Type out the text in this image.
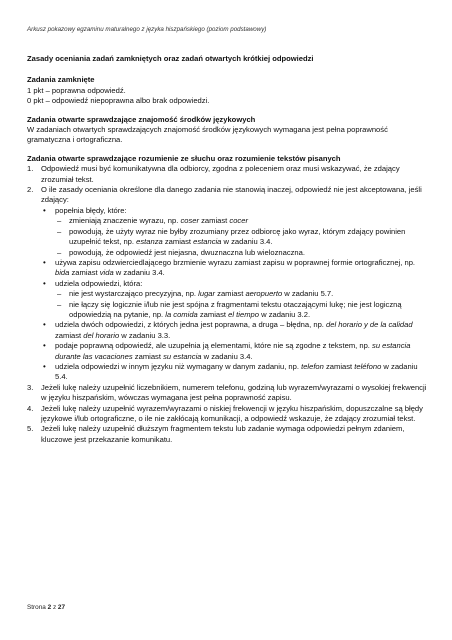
Arkusz pokazowy egzaminu maturalnego z języka hiszpańskiego (poziom podstawowy)
Zasady oceniania zadań zamkniętych oraz zadań otwartych krótkiej odpowiedzi
Zadania zamknięte
1 pkt – poprawna odpowiedź.
0 pkt – odpowiedź niepoprawna albo brak odpowiedzi.
Zadania otwarte sprawdzające znajomość środków językowych
W zadaniach otwartych sprawdzających znajomość środków językowych wymagana jest pełna poprawność gramatyczna i ortograficzna.
Zadania otwarte sprawdzające rozumienie ze słuchu oraz rozumienie tekstów pisanych
1.	Odpowiedź musi być komunikatywna dla odbiorcy, zgodna z poleceniem oraz musi wskazywać, że zdający zrozumiał tekst.
2.	O ile zasady oceniania określone dla danego zadania nie stanowią inaczej, odpowiedź nie jest akceptowana, jeśli zdający:
•	popełnia błędy, które:
–	zmieniają znaczenie wyrazu, np. coser zamiast cocer
–	powodują, że użyty wyraz nie byłby zrozumiany przez odbiorcę jako wyraz, którym zdający powinien uzupełnić tekst, np. estanza zamiast estancia w zadaniu 3.4.
–	powodują, że odpowiedź jest niejasna, dwuznaczna lub wieloznaczna.
•	używa zapisu odzwierciedlającego brzmienie wyrazu zamiast zapisu w poprawnej formie ortograficznej, np. bida zamiast vida w zadaniu 3.4.
•	udziela odpowiedzi, która:
–	nie jest wystarczająco precyzyjna, np. lugar zamiast aeropuerto w zadaniu 5.7.
–	nie łączy się logicznie i/lub nie jest spójna z fragmentami tekstu otaczającymi lukę; nie jest logiczną odpowiedzią na pytanie, np. la comida zamiast el tiempo w zadaniu 3.2.
•	udziela dwóch odpowiedzi, z których jedna jest poprawna, a druga – błędna, np. del horario y de la calidad zamiast del horario w zadaniu 3.3.
•	podaje poprawną odpowiedź, ale uzupełnia ją elementami, które nie są zgodne z tekstem, np. su estancia durante las vacaciones zamiast su estancia w zadaniu 3.4.
•	udziela odpowiedzi w innym języku niż wymagany w danym zadaniu, np. telefon zamiast teléfono w zadaniu 5.4.
3.	Jeżeli lukę należy uzupełnić liczebnikiem, numerem telefonu, godziną lub wyrazem/wyrazami o wysokiej frekwencji w języku hiszpańskim, wówczas wymagana jest pełna poprawność zapisu.
4.	Jeżeli lukę należy uzupełnić wyrazem/wyrazami o niskiej frekwencji w języku hiszpańskim, dopuszczalne są błędy językowe i/lub ortograficzne, o ile nie zakłócają komunikacji, a odpowiedź wskazuje, że zdający zrozumiał tekst.
5.	Jeżeli lukę należy uzupełnić dłuższym fragmentem tekstu lub zadanie wymaga odpowiedzi pełnym zdaniem, kluczowe jest przekazanie komunikatu.
Strona 2 z 27
